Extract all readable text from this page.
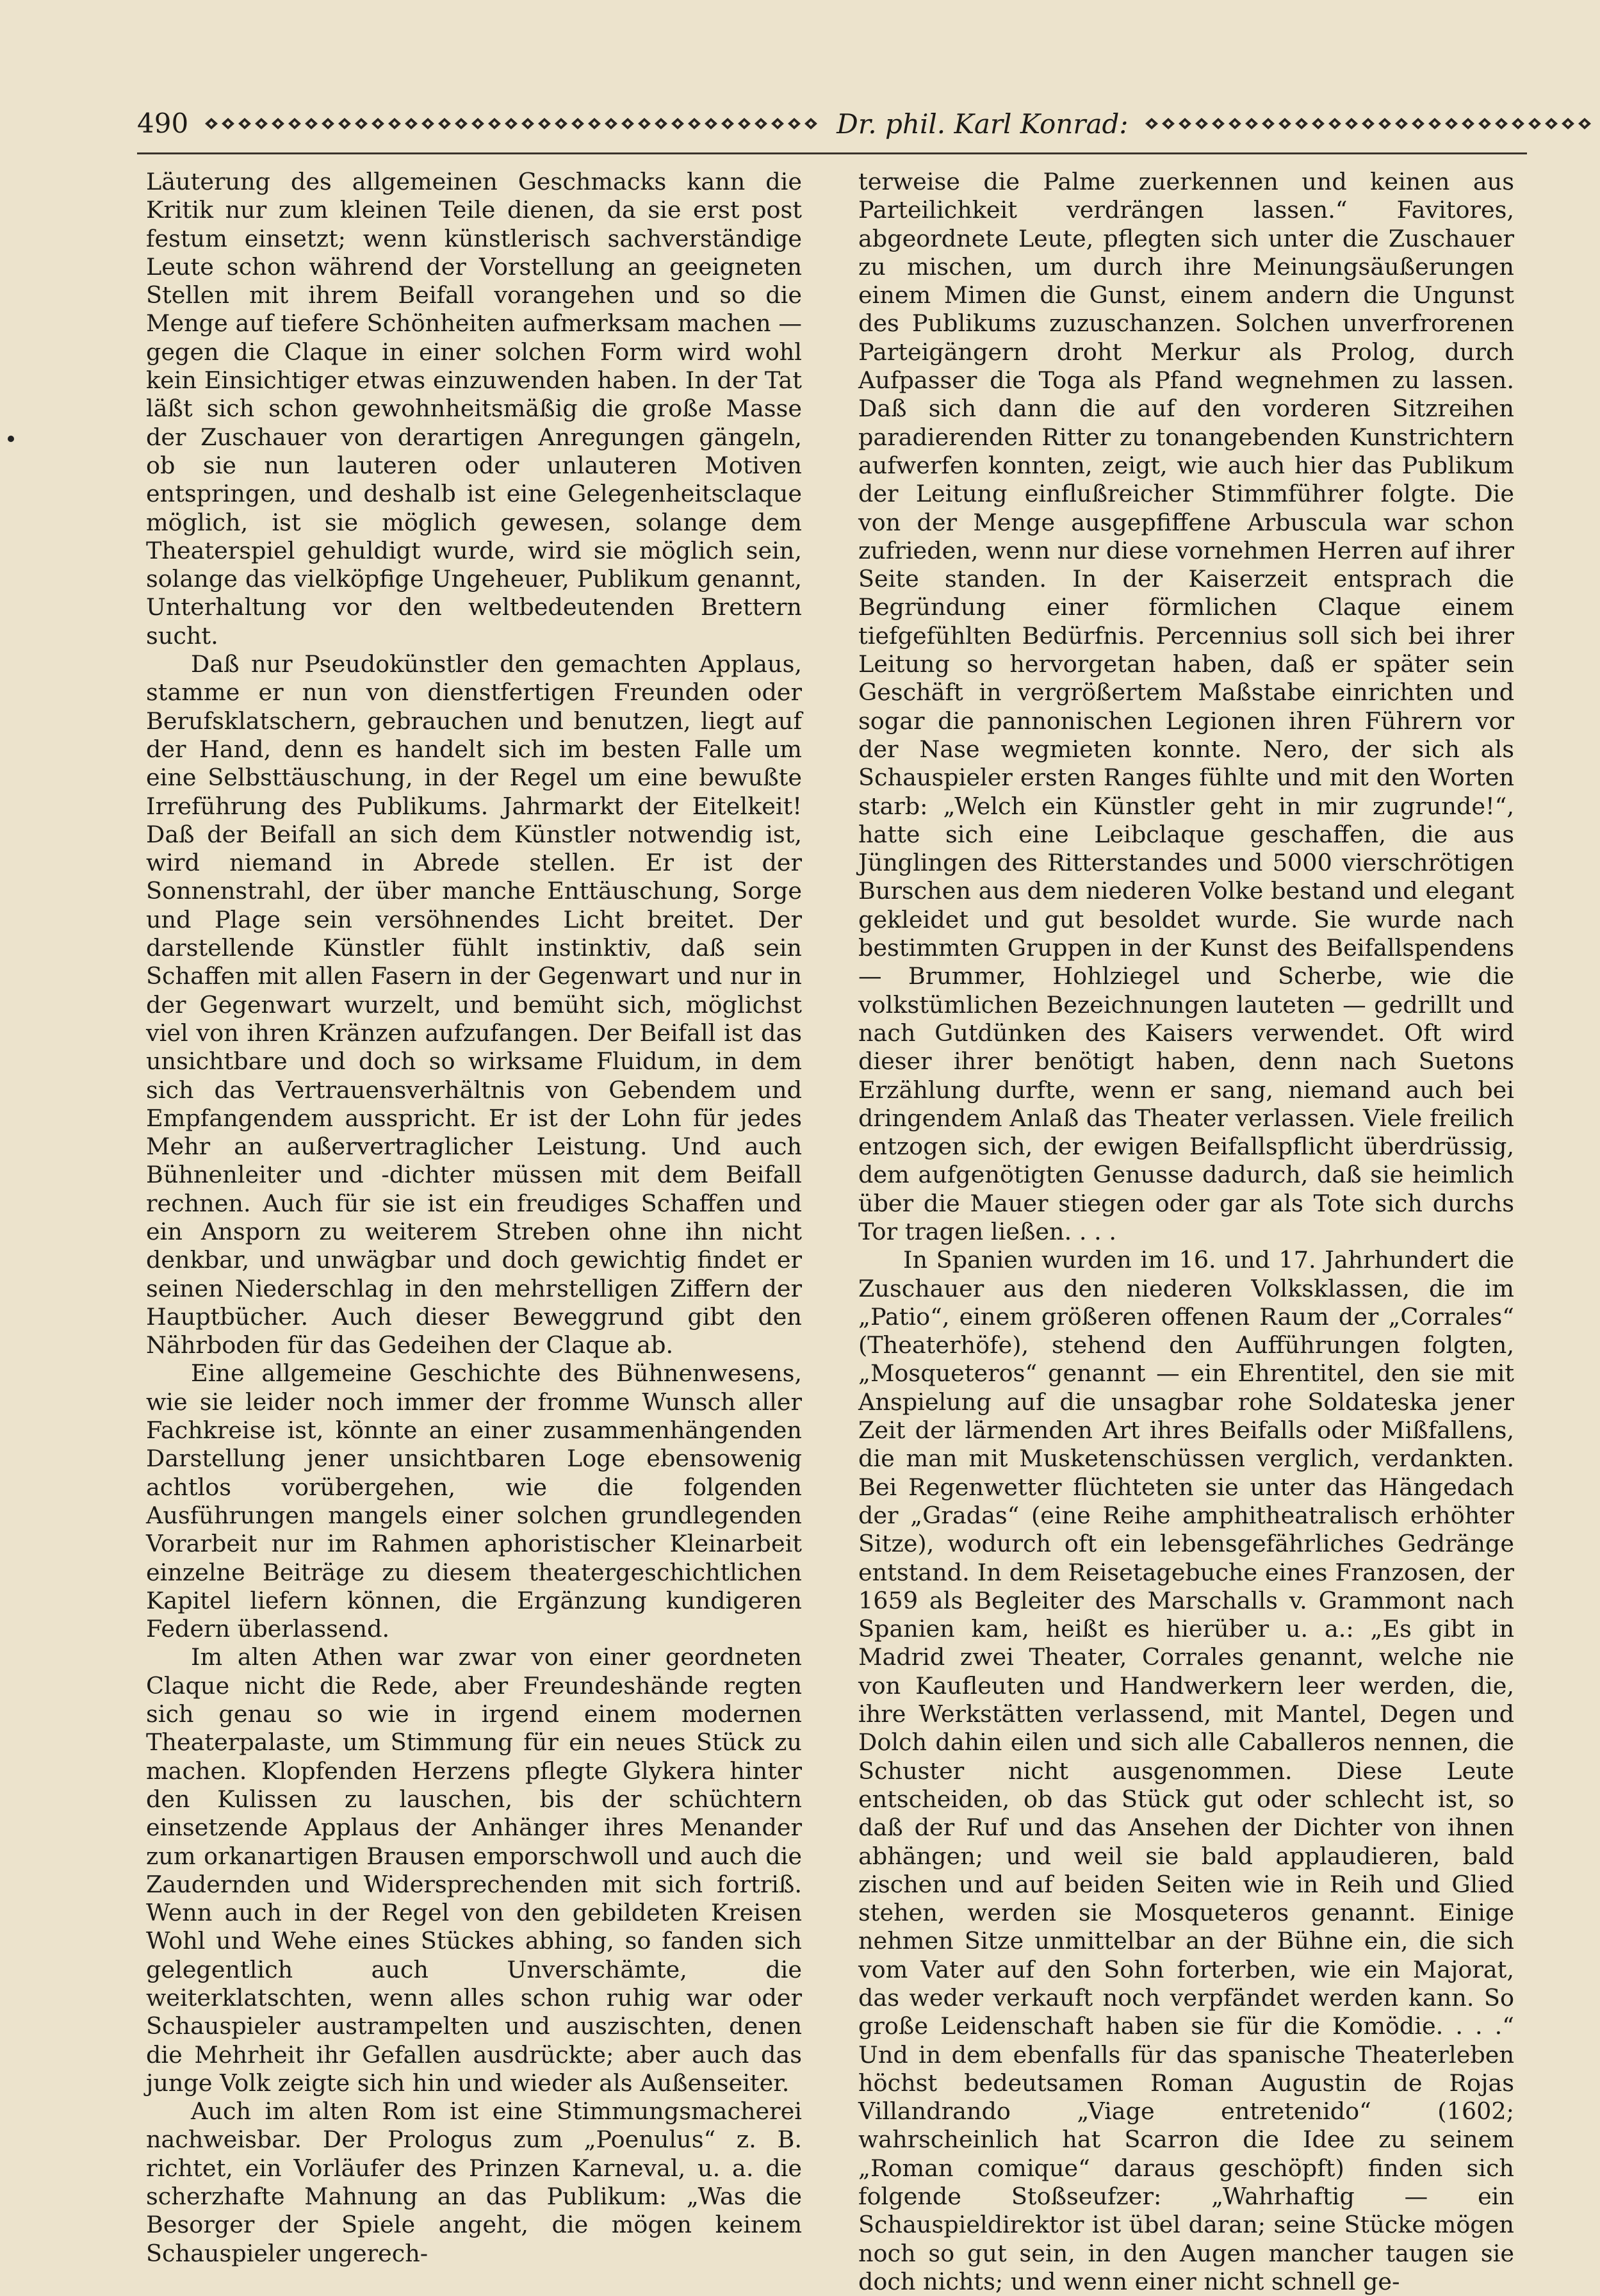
490	Dr. phil. Karl Konrad:

Läuterung des allgemeinen Geschmacks kann die Kritik nur zum kleinen Teile dienen, da sie erst post festum einsetzt; wenn künstlerisch sachverständige Leute schon während der Vorstellung an geeigneten Stellen mit ihrem Beifall vorangehen und so die Menge auf tiefere Schönheiten aufmerksam machen — gegen die Claque in einer solchen Form wird wohl kein Einsichtiger etwas einzuwenden haben. In der Tat läßt sich schon gewohnheitsmäßig die große Masse der Zuschauer von derartigen Anregungen gängeln, ob sie nun lauteren oder unlauteren Motiven entspringen, und deshalb ist eine Gelegenheitsclaque möglich, ist sie möglich gewesen, solange dem Theaterspiel gehuldigt wurde, wird sie möglich sein, solange das vielköpfige Ungeheuer, Publikum genannt, Unterhaltung vor den weltbedeutenden Brettern sucht.

Daß nur Pseudokünstler den gemachten Applaus, stamme er nun von dienstfertigen Freunden oder Berufsklatschern, gebrauchen und benutzen, liegt auf der Hand, denn es handelt sich im besten Falle um eine Selbsttäuschung, in der Regel um eine bewußte Irreführung des Publikums. Jahrmarkt der Eitelkeit! Daß der Beifall an sich dem Künstler notwendig ist, wird niemand in Abrede stellen. Er ist der Sonnenstrahl, der über manche Enttäuschung, Sorge und Plage sein versöhnendes Licht breitet. Der darstellende Künstler fühlt instinktiv, daß sein Schaffen mit allen Fasern in der Gegenwart und nur in der Gegenwart wurzelt, und bemüht sich, möglichst viel von ihren Kränzen aufzufangen. Der Beifall ist das unsichtbare und doch so wirksame Fluidum, in dem sich das Vertrauensverhältnis von Gebendem und Empfangendem ausspricht. Er ist der Lohn für jedes Mehr an außervertraglicher Leistung. Und auch Bühnenleiter und -dichter müssen mit dem Beifall rechnen. Auch für sie ist ein freudiges Schaffen und ein Ansporn zu weiterem Streben ohne ihn nicht denkbar, und unwägbar und doch gewichtig findet er seinen Niederschlag in den mehrstelligen Ziffern der Hauptbücher. Auch dieser Beweggrund gibt den Nährboden für das Gedeihen der Claque ab.

Eine allgemeine Geschichte des Bühnenwesens, wie sie leider noch immer der fromme Wunsch aller Fachkreise ist, könnte an einer zusammenhängenden Darstellung jener unsichtbaren Loge ebensowenig achtlos vorübergehen, wie die folgenden Ausführungen mangels einer solchen grundlegenden Vorarbeit nur im Rahmen aphoristischer Kleinarbeit einzelne Beiträge zu diesem theatergeschichtlichen Kapitel liefern können, die Ergänzung kundigeren Federn überlassend.

Im alten Athen war zwar von einer geordneten Claque nicht die Rede, aber Freundeshände regten sich genau so wie in irgend einem modernen Theaterpalaste, um Stimmung für ein neues Stück zu machen. Klopfenden Herzens pflegte Glykera hinter den Kulissen zu lauschen, bis der schüchtern einsetzende Applaus der Anhänger ihres Menander zum orkanartigen Brausen emporschwoll und auch die Zaudernden und Widersprechenden mit sich fortriß. Wenn auch in der Regel von den gebildeten Kreisen Wohl und Wehe eines Stückes abhing, so fanden sich gelegentlich auch Unverschämte, die weiterklatschten, wenn alles schon ruhig war oder Schauspieler austrampelten und auszischten, denen die Mehrheit ihr Gefallen ausdrückte; aber auch das junge Volk zeigte sich hin und wieder als Außenseiter.

Auch im alten Rom ist eine Stimmungsmacherei nachweisbar. Der Prologus zum „Poenulus“ z. B. richtet, ein Vorläufer des Prinzen Karneval, u. a. die scherzhafte Mahnung an das Publikum: „Was die Besorger der Spiele angeht, die mögen keinem Schauspieler ungerech-

terweise die Palme zuerkennen und keinen aus Parteilichkeit verdrängen lassen.“ Favitores, abgeordnete Leute, pflegten sich unter die Zuschauer zu mischen, um durch ihre Meinungsäußerungen einem Mimen die Gunst, einem andern die Ungunst des Publikums zuzuschanzen. Solchen unverfrorenen Parteigängern droht Merkur als Prolog, durch Aufpasser die Toga als Pfand wegnehmen zu lassen. Daß sich dann die auf den vorderen Sitzreihen paradierenden Ritter zu tonangebenden Kunstrichtern aufwerfen konnten, zeigt, wie auch hier das Publikum der Leitung einflußreicher Stimmführer folgte. Die von der Menge ausgepfiffene Arbuscula war schon zufrieden, wenn nur diese vornehmen Herren auf ihrer Seite standen. In der Kaiserzeit entsprach die Begründung einer förmlichen Claque einem tiefgefühlten Bedürfnis. Percennius soll sich bei ihrer Leitung so hervorgetan haben, daß er später sein Geschäft in vergrößertem Maßstabe einrichten und sogar die pannonischen Legionen ihren Führern vor der Nase wegmieten konnte. Nero, der sich als Schauspieler ersten Ranges fühlte und mit den Worten starb: „Welch ein Künstler geht in mir zugrunde!“, hatte sich eine Leibclaque geschaffen, die aus Jünglingen des Ritterstandes und 5000 vierschrötigen Burschen aus dem niederen Volke bestand und elegant gekleidet und gut besoldet wurde. Sie wurde nach bestimmten Gruppen in der Kunst des Beifallspendens — Brummer, Hohlziegel und Scherbe, wie die volkstümlichen Bezeichnungen lauteten — gedrillt und nach Gutdünken des Kaisers verwendet. Oft wird dieser ihrer benötigt haben, denn nach Suetons Erzählung durfte, wenn er sang, niemand auch bei dringendem Anlaß das Theater verlassen. Viele freilich entzogen sich, der ewigen Beifallspflicht überdrüssig, dem aufgenötigten Genusse dadurch, daß sie heimlich über die Mauer stiegen oder gar als Tote sich durchs Tor tragen ließen. . . .

In Spanien wurden im 16. und 17. Jahrhundert die Zuschauer aus den niederen Volksklassen, die im „Patio“, einem größeren offenen Raum der „Corrales“ (Theaterhöfe), stehend den Aufführungen folgten, „Mosqueteros“ genannt — ein Ehrentitel, den sie mit Anspielung auf die unsagbar rohe Soldateska jener Zeit der lärmenden Art ihres Beifalls oder Mißfallens, die man mit Musketenschüssen verglich, verdankten. Bei Regenwetter flüchteten sie unter das Hängedach der „Gradas“ (eine Reihe amphitheatralisch erhöhter Sitze), wodurch oft ein lebensgefährliches Gedränge entstand. In dem Reisetagebuche eines Franzosen, der 1659 als Begleiter des Marschalls v. Grammont nach Spanien kam, heißt es hierüber u. a.: „Es gibt in Madrid zwei Theater, Corrales genannt, welche nie von Kaufleuten und Handwerkern leer werden, die, ihre Werkstätten verlassend, mit Mantel, Degen und Dolch dahin eilen und sich alle Caballeros nennen, die Schuster nicht ausgenommen. Diese Leute entscheiden, ob das Stück gut oder schlecht ist, so daß der Ruf und das Ansehen der Dichter von ihnen abhängen; und weil sie bald applaudieren, bald zischen und auf beiden Seiten wie in Reih und Glied stehen, werden sie Mosqueteros genannt. Einige nehmen Sitze unmittelbar an der Bühne ein, die sich vom Vater auf den Sohn forterben, wie ein Majorat, das weder verkauft noch verpfändet werden kann. So große Leidenschaft haben sie für die Komödie. . . .“ Und in dem ebenfalls für das spanische Theaterleben höchst bedeutsamen Roman Augustin de Rojas Villandrando „Viage entretenido“ (1602; wahrscheinlich hat Scarron die Idee zu seinem „Roman comique“ daraus geschöpft) finden sich folgende Stoßseufzer: „Wahrhaftig — ein Schauspieldirektor ist übel daran; seine Stücke mögen noch so gut sein, in den Augen mancher taugen sie doch nichts; und wenn einer nicht schnell ge-
